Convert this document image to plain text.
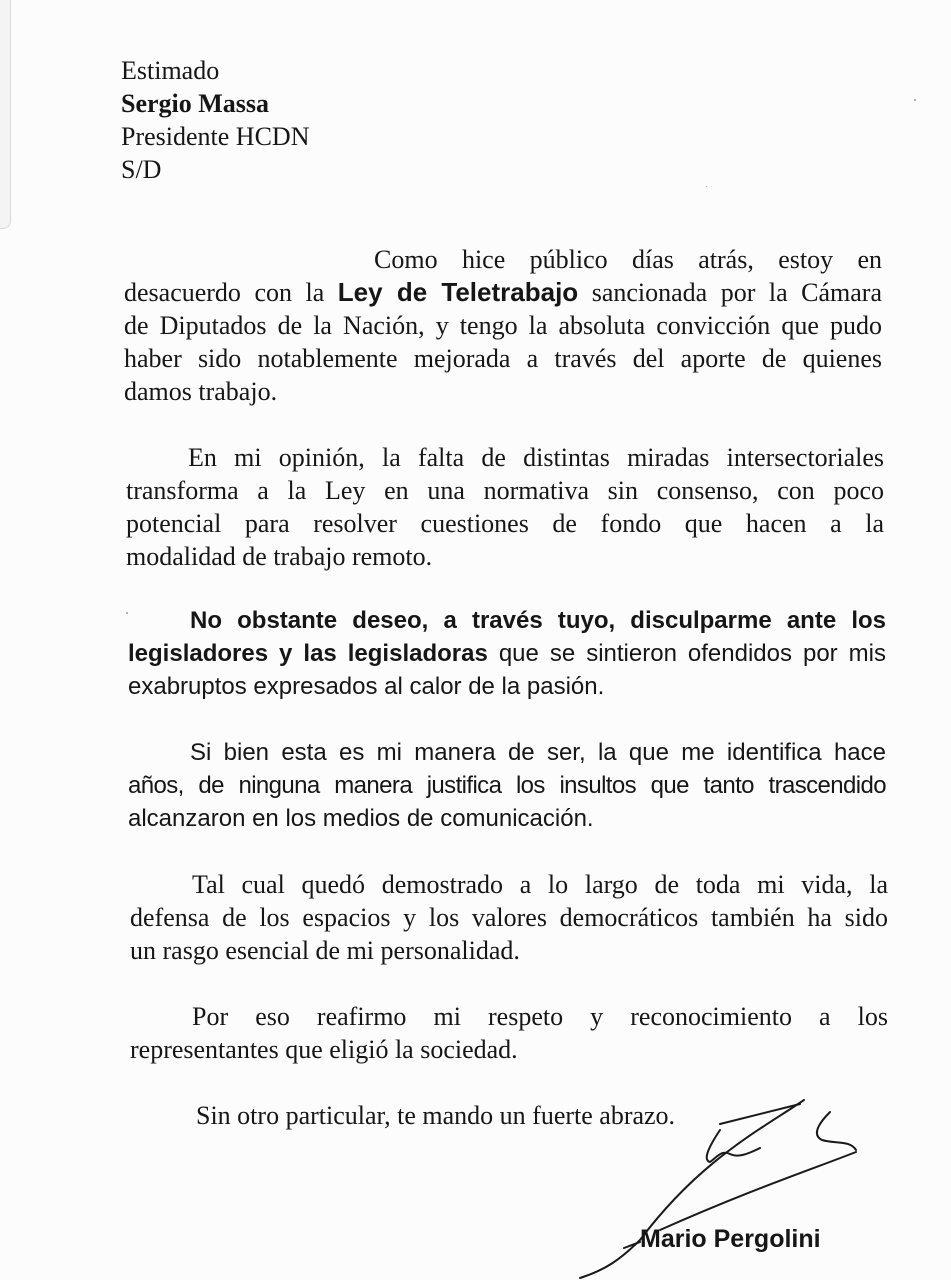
Estimado
Sergio Massa
Presidente HCDN
S/D
Como hice público días atrás, estoy en
desacuerdo con la Ley de Teletrabajo sancionada por la Cámara
de Diputados de la Nación, y tengo la absoluta convicción que pudo
haber sido notablemente mejorada a través del aporte de quienes
damos trabajo.
En mi opinión, la falta de distintas miradas intersectoriales
transforma a la Ley en una normativa sin consenso, con poco
potencial para resolver cuestiones de fondo que hacen a la
modalidad de trabajo remoto.
No obstante deseo, a través tuyo, disculparme ante los
legisladores y las legisladoras que se sintieron ofendidos por mis
exabruptos expresados al calor de la pasión.
Si bien esta es mi manera de ser, la que me identifica hace
años, de ninguna manera justifica los insultos que tanto trascendido
alcanzaron en los medios de comunicación.
Tal cual quedó demostrado a lo largo de toda mi vida, la
defensa de los espacios y los valores democráticos también ha sido
un rasgo esencial de mi personalidad.
Por eso reafirmo mi respeto y reconocimiento a los
representantes que eligió la sociedad.
Sin otro particular, te mando un fuerte abrazo.
Mario Pergolini
